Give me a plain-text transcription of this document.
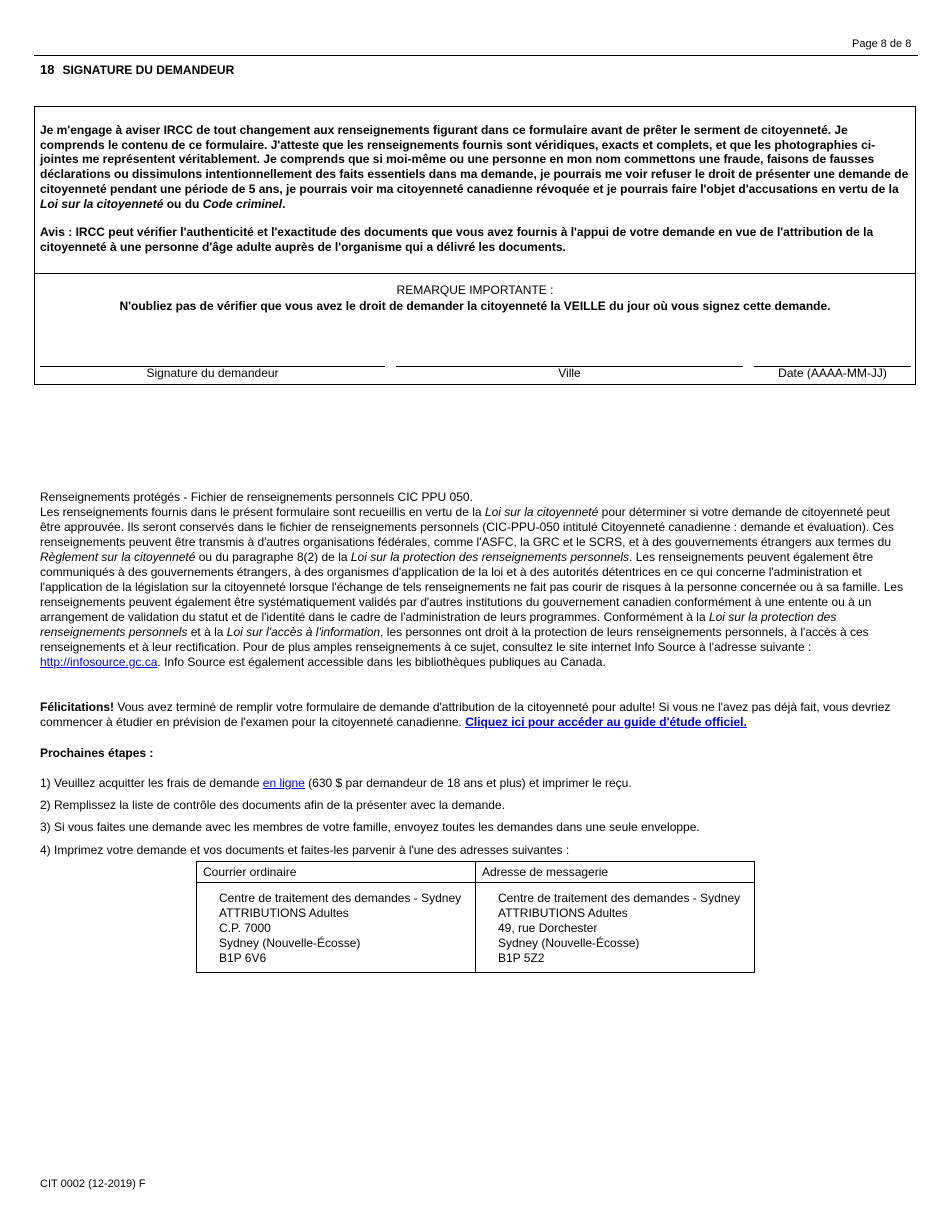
Page 8 de 8
18 SIGNATURE DU DEMANDEUR

Je m'engage à aviser IRCC de tout changement aux renseignements figurant dans ce formulaire avant de prêter le serment de citoyenneté. Je comprends le contenu de ce formulaire. J'atteste que les renseignements fournis sont véridiques, exacts et complets, et que les photographies ci-jointes me représentent véritablement. Je comprends que si moi-même ou une personne en mon nom commettons une fraude, faisons de fausses déclarations ou dissimulons intentionnellement des faits essentiels dans ma demande, je pourrais me voir refuser le droit de présenter une demande de citoyenneté pendant une période de 5 ans, je pourrais voir ma citoyenneté canadienne révoquée et je pourrais faire l'objet d'accusations en vertu de la Loi sur la citoyenneté ou du Code criminel.

Avis : IRCC peut vérifier l'authenticité et l'exactitude des documents que vous avez fournis à l'appui de votre demande en vue de l'attribution de la citoyenneté à une personne d'âge adulte auprès de l'organisme qui a délivré les documents.

REMARQUE IMPORTANTE :
N'oubliez pas de vérifier que vous avez le droit de demander la citoyenneté la VEILLE du jour où vous signez cette demande.
Signature du demandeur	Ville	Date (AAAA-MM-JJ)

Renseignements protégés - Fichier de renseignements personnels CIC PPU 050.

Les renseignements fournis dans le présent formulaire sont recueillis en vertu de la Loi sur la citoyenneté pour déterminer si votre demande de citoyenneté peut être approuvée. Ils seront conservés dans le fichier de renseignements personnels (CIC-PPU-050 intitulé Citoyenneté canadienne : demande et évaluation). Ces renseignements peuvent être transmis à d'autres organisations fédérales, comme l'ASFC, la GRC et le SCRS, et à des gouvernements étrangers aux termes du Règlement sur la citoyenneté ou du paragraphe 8(2) de la Loi sur la protection des renseignements personnels. Les renseignements peuvent également être communiqués à des gouvernements étrangers, à des organismes d'application de la loi et à des autorités détentrices en ce qui concerne l'administration et l'application de la législation sur la citoyenneté lorsque l'échange de tels renseignements ne fait pas courir de risques à la personne concernée ou à sa famille. Les renseignements peuvent également être systématiquement validés par d'autres institutions du gouvernement canadien conformément à une entente ou à un arrangement de validation du statut et de l'identité dans le cadre de l'administration de leurs programmes. Conformément à la Loi sur la protection des renseignements personnels et à la Loi sur l'accès à l'information, les personnes ont droit à la protection de leurs renseignements personnels, à l'accès à ces renseignements et à leur rectification. Pour de plus amples renseignements à ce sujet, consultez le site internet Info Source à l'adresse suivante : http://infosource.gc.ca. Info Source est également accessible dans les bibliothèques publiques au Canada.

Félicitations! Vous avez terminé de remplir votre formulaire de demande d'attribution de la citoyenneté pour adulte! Si vous ne l'avez pas déjà fait, vous devriez commencer à étudier en prévision de l'examen pour la citoyenneté canadienne. Cliquez ici pour accéder au guide d'étude officiel.
Prochaines étapes :
1) Veuillez acquitter les frais de demande en ligne (630 $ par demandeur de 18 ans et plus) et imprimer le reçu.
2) Remplissez la liste de contrôle des documents afin de la présenter avec la demande.
3) Si vous faites une demande avec les membres de votre famille, envoyez toutes les demandes dans une seule enveloppe.
4) Imprimez votre demande et vos documents et faites-les parvenir à l'une des adresses suivantes :
Courrier ordinaire
Centre de traitement des demandes - Sydney
ATTRIBUTIONS Adultes
C.P. 7000
Sydney (Nouvelle-Écosse)
B1P 6V6
Adresse de messagerie
Centre de traitement des demandes - Sydney
ATTRIBUTIONS Adultes
49, rue Dorchester
Sydney (Nouvelle-Écosse)
B1P 5Z2
CIT 0002 (12-2019) F
